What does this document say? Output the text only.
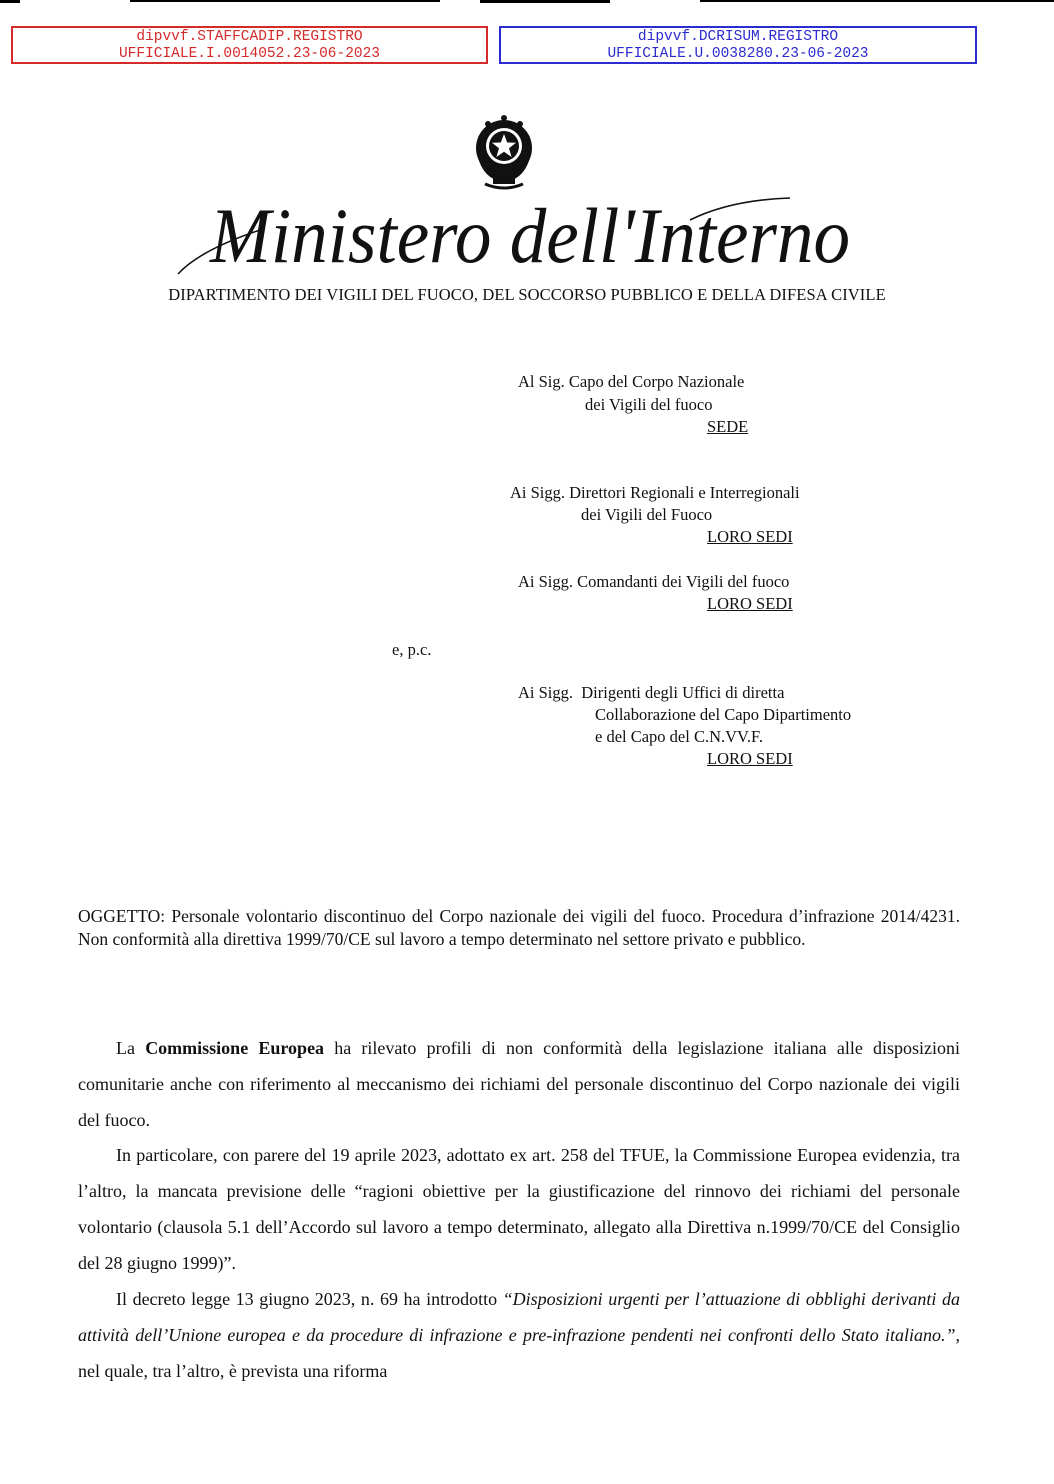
dipvvf.STAFFCADIP.REGISTRO
UFFICIALE.I.0014052.23-06-2023
dipvvf.DCRISUM.REGISTRO
UFFICIALE.U.0038280.23-06-2023
Ministero dell'Interno
DIPARTIMENTO DEI VIGILI DEL FUOCO, DEL SOCCORSO PUBBLICO E DELLA DIFESA CIVILE
Al Sig. Capo del Corpo Nazionale
dei Vigili del fuoco
SEDE
Ai Sigg. Direttori Regionali e Interregionali
dei Vigili del Fuoco
LORO SEDI
Ai Sigg. Comandanti dei Vigili del fuoco
LORO SEDI
e, p.c.
Ai Sigg.  Dirigenti degli Uffici di diretta
Collaborazione del Capo Dipartimento
e del Capo del C.N.VV.F.
LORO SEDI
OGGETTO: Personale volontario discontinuo del Corpo nazionale dei vigili del fuoco. Procedura d’infrazione 2014/4231. Non conformità alla direttiva 1999/70/CE sul lavoro a tempo determinato nel settore privato e pubblico.
La Commissione Europea ha rilevato profili di non conformità della legislazione italiana alle disposizioni comunitarie anche con riferimento al meccanismo dei richiami del personale discontinuo del Corpo nazionale dei vigili del fuoco.
In particolare, con parere del 19 aprile 2023, adottato ex art. 258 del TFUE, la Commissione Europea evidenzia, tra l’altro, la mancata previsione delle “ragioni obiettive per la giustificazione del rinnovo dei richiami del personale volontario (clausola 5.1 dell’Accordo sul lavoro a tempo determinato, allegato alla Direttiva n.1999/70/CE del Consiglio del 28 giugno 1999)”.
Il decreto legge 13 giugno 2023, n. 69 ha introdotto “Disposizioni urgenti per l’attuazione di obblighi derivanti da attività dell’Unione europea e da procedure di infrazione e pre-infrazione pendenti nei confronti dello Stato italiano.”, nel quale, tra l’altro, è prevista una riforma
